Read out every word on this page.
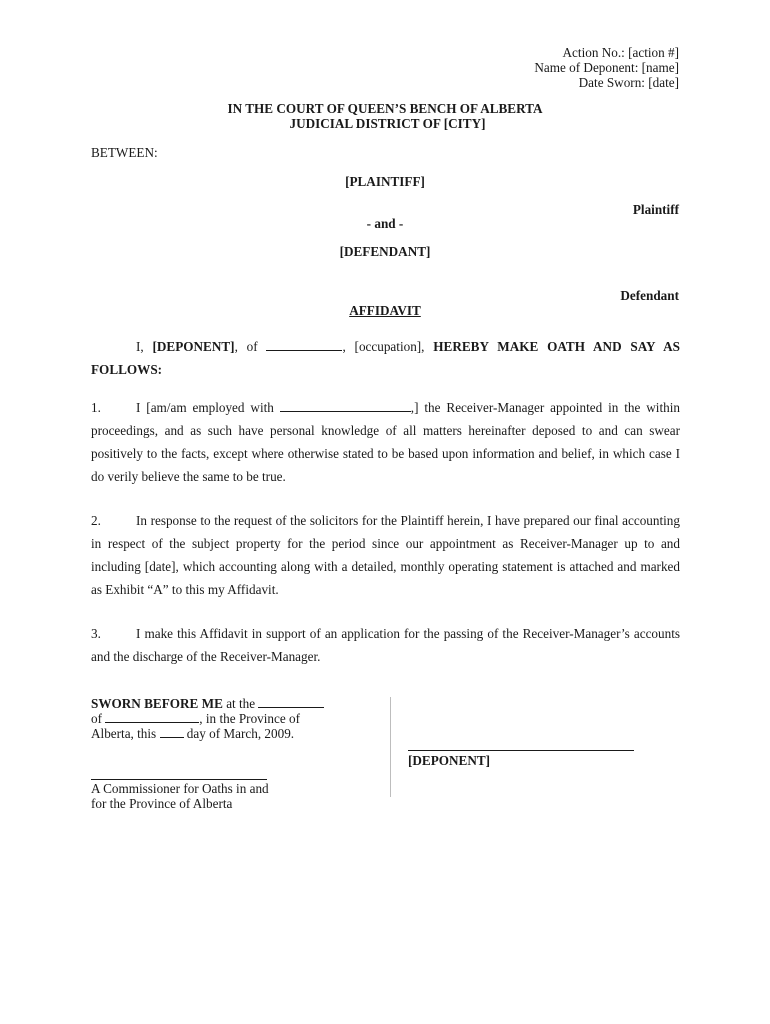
Action No.: [action #]
Name of Deponent: [name]
Date Sworn: [date]
IN THE COURT OF QUEEN’S BENCH OF ALBERTA
JUDICIAL DISTRICT OF [CITY]
BETWEEN:
[PLAINTIFF]
Plaintiff
- and -
[DEFENDANT]
Defendant
AFFIDAVIT
I, [DEPONENT], of	, [occupation], HEREBY MAKE OATH AND SAY AS FOLLOWS:
1.	I [am/am employed with	,] the Receiver-Manager appointed in the within proceedings, and as such have personal knowledge of all matters hereinafter deposed to and can swear positively to the facts, except where otherwise stated to be based upon information and belief, in which case I do verily believe the same to be true.
2.	In response to the request of the solicitors for the Plaintiff herein, I have prepared our final accounting in respect of the subject property for the period since our appointment as Receiver-Manager up to and including [date], which accounting along with a detailed, monthly operating statement is attached and marked as Exhibit “A” to this my Affidavit.
3.	I make this Affidavit in support of an application for the passing of the Receiver-Manager’s accounts and the discharge of the Receiver-Manager.
SWORN BEFORE ME at the
of	, in the Province of
Alberta, this day of March, 2009.
A Commissioner for Oaths in and
for the Province of Alberta
[DEPONENT]
